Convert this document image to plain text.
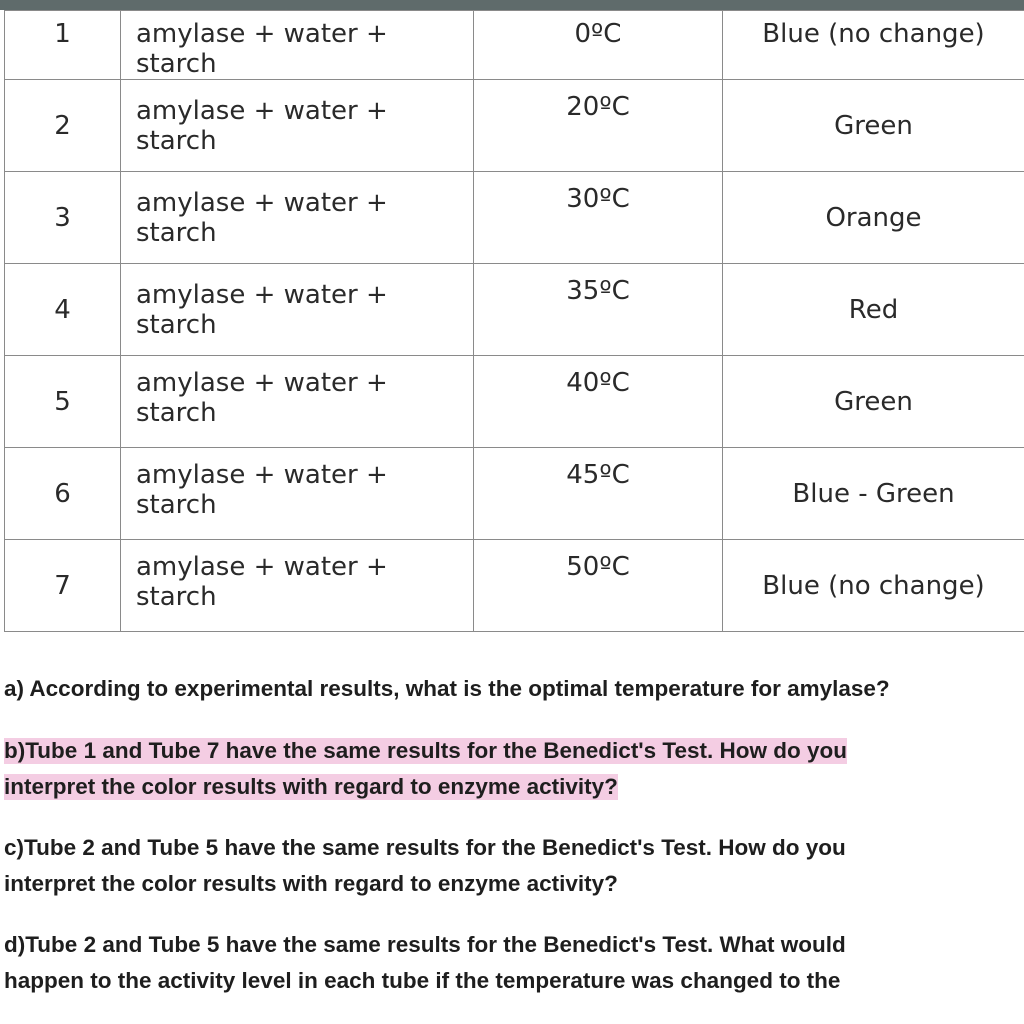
1	amylase + water + starch	0ºC	Blue (no change)
2	amylase + water + starch	20ºC	Green
3	amylase + water + starch	30ºC	Orange
4	amylase + water + starch	35ºC	Red
5	amylase + water + starch	40ºC	Green
6	amylase + water + starch	45ºC	Blue - Green
7	amylase + water + starch	50ºC	Blue (no change)
a) According to experimental results, what is the optimal temperature for amylase?
b)Tube 1 and Tube 7 have the same results for the Benedict's Test. How do you
interpret the color results with regard to enzyme activity?
c)Tube 2 and Tube 5 have the same results for the Benedict's Test. How do you
interpret the color results with regard to enzyme activity?
d)Tube 2 and Tube 5 have the same results for the Benedict's Test. What would
happen to the activity level in each tube if the temperature was changed to the
